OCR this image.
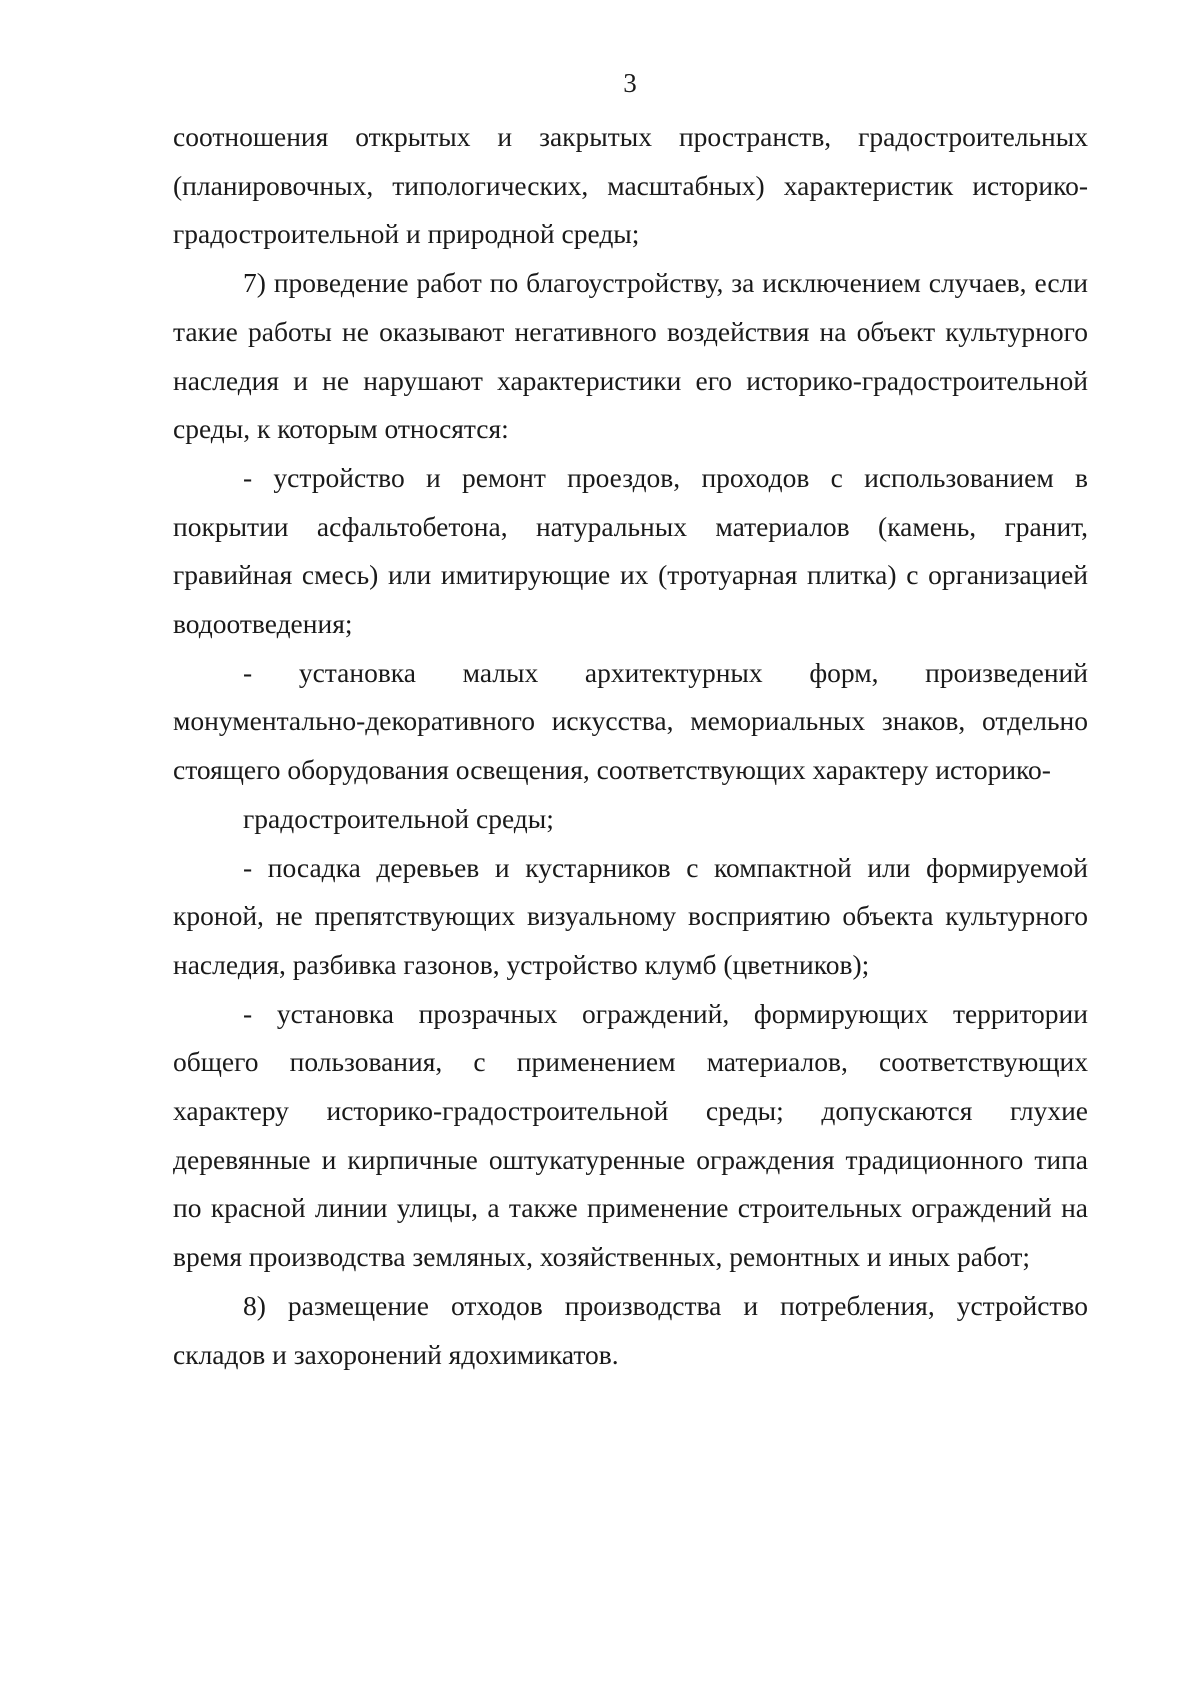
3

соотношения открытых и закрытых пространств, градостроительных (планировочных, типологических, масштабных) характеристик историко-градостроительной и природной среды;

7) проведение работ по благоустройству, за исключением случаев, если такие работы не оказывают негативного воздействия на объект культурного наследия и не нарушают характеристики его историко-градостроительной среды, к которым относятся:

- устройство и ремонт проездов, проходов с использованием в покрытии асфальтобетона, натуральных материалов (камень, гранит, гравийная смесь) или имитирующие их (тротуарная плитка) с организацией водоотведения;

- установка малых архитектурных форм, произведений монументально-декоративного искусства, мемориальных знаков, отдельно стоящего оборудования освещения, соответствующих характеру историко-

градостроительной среды;

- посадка деревьев и кустарников с компактной или формируемой кроной, не препятствующих визуальному восприятию объекта культурного наследия, разбивка газонов, устройство клумб (цветников);

- установка прозрачных ограждений, формирующих территории общего пользования, с применением материалов, соответствующих характеру историко-градостроительной среды; допускаются глухие деревянные и кирпичные оштукатуренные ограждения традиционного типа по красной линии улицы, а также применение строительных ограждений на время производства земляных, хозяйственных, ремонтных и иных работ;

8) размещение отходов производства и потребления, устройство складов и захоронений ядохимикатов.
